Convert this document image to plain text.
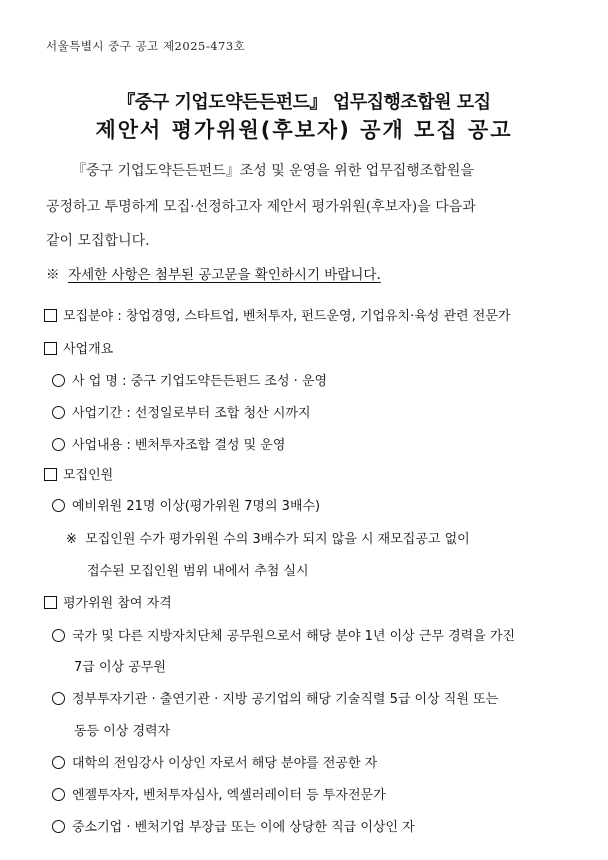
서울특별시 중구 공고 제2025-473호
『중구 기업도약든든펀드』 업무집행조합원 모집
제안서 평가위원(후보자) 공개 모집 공고
『중구 기업도약든든펀드』조성 및 운영을 위한 업무집행조합원을
공정하고 투명하게 모집·선정하고자 제안서 평가위원(후보자)을 다음과
같이 모집합니다.
※ 자세한 사항은 첨부된 공고문을 확인하시기 바랍니다.
모집분야 : 창업경영, 스타트업, 벤처투자, 펀드운영, 기업유치·육성 관련 전문가
사업개요
사 업 명 : 중구 기업도약든든펀드 조성 · 운영
사업기간 : 선정일로부터 조합 청산 시까지
사업내용 : 벤처투자조합 결성 및 운영
모집인원
예비위원 21명 이상(평가위원 7명의 3배수)
※ 모집인원 수가 평가위원 수의 3배수가 되지 않을 시 재모집공고 없이
접수된 모집인원 범위 내에서 추첨 실시
평가위원 참여 자격
국가 및 다른 지방자치단체 공무원으로서 해당 분야 1년 이상 근무 경력을 가진
7급 이상 공무원
정부투자기관 · 출연기관 · 지방 공기업의 해당 기술직렬 5급 이상 직원 또는
동등 이상 경력자
대학의 전임강사 이상인 자로서 해당 분야를 전공한 자
엔젤투자자, 벤처투자심사, 엑셀러레이터 등 투자전문가
중소기업 · 벤처기업 부장급 또는 이에 상당한 직급 이상인 자
